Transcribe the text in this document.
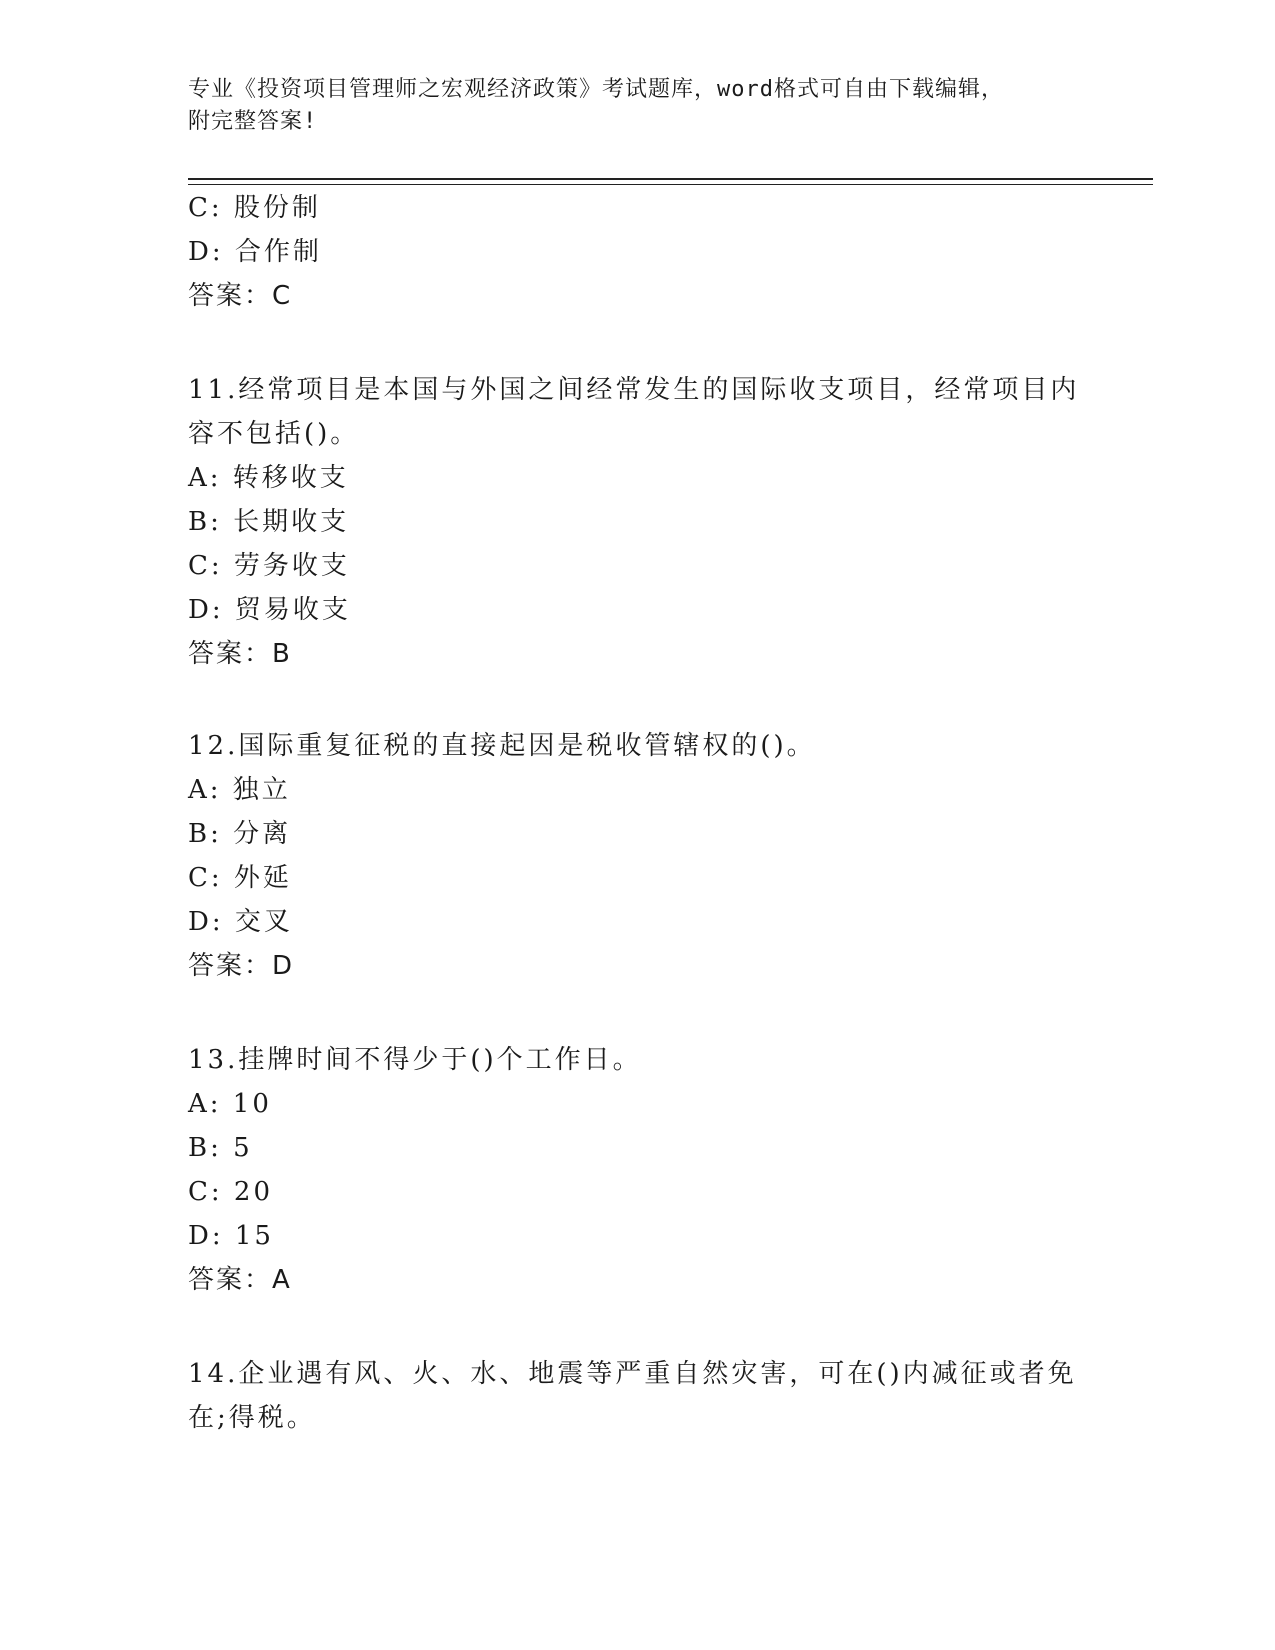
专业《投资项目管理师之宏观经济政策》考试题库，word格式可自由下载编辑，
附完整答案!
C: 股份制
D: 合作制
答案：C
11.经常项目是本国与外国之间经常发生的国际收支项目，经常项目内
容不包括()。
A: 转移收支
B: 长期收支
C: 劳务收支
D: 贸易收支
答案：B
12.国际重复征税的直接起因是税收管辖权的()。
A: 独立
B: 分离
C: 外延
D: 交叉
答案：D
13.挂牌时间不得少于()个工作日。
A: 10
B: 5
C: 20
D: 15
答案：A
14.企业遇有风、火、水、地震等严重自然灾害，可在()内减征或者免
在;得税。
